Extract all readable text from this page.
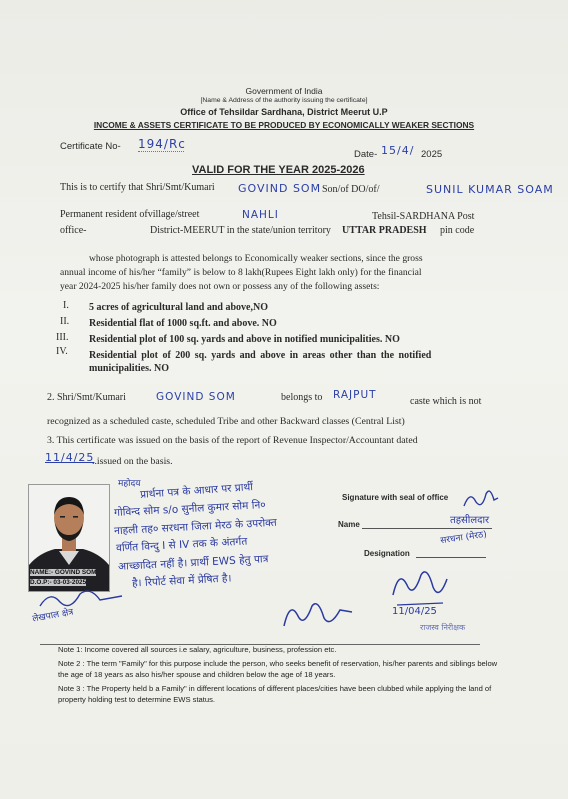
Government of India
[Name & Address of the authority issuing the certificate]
Office of Tehsildar Sardhana, District Meerut U.P
INCOME & ASSETS CERTIFICATE TO BE PRODUCED BY ECONOMICALLY WEAKER SECTIONS
Certificate No- 194/Rc
Date- 15/4/ 2025
VALID FOR THE YEAR 2025-2026
This is to certify that Shri/Smt/Kumari GOVIND SOM Son/of DO/of/	SUNIL KUMAR SOAM
Permanent resident ofvillage/street	NAHLI	Tehsil-SARDHANA Post
office-	District-MEERUT in the state/union territory UTTAR PRADESH pin code
whose photograph is attested belongs to Economically weaker sections, since the gross
annual income of his/her “family” is below to 8 lakh(Rupees Eight lakh only) for the financial
year 2024-2025 his/her family does not own or possess any of the following assets:
I. 5 acres of agricultural land and above,NO
II. Residential flat of 1000 sq.ft. and above. NO
III. Residential plot of 100 sq. yards and above in notified municipalities. NO
IV. Residential plot of 200 sq. yards and above in areas other than the notified
municipalities. NO
2. Shri/Smt/Kumari	GOVIND SOM	belongs to RAJPUT
caste which is not
recognized as a scheduled caste, scheduled Tribe and other Backward classes (Central List)
3. This certificate was issued on the basis of the report of Revenue Inspector/Accountant dated
11/4/25
..issued on the basis.
Signature with seal of office
Name
Designation
NAME:- GOVIND SOM
D.O.P:- 03-03-2025
महोदय प्रार्थना पत्र के आधार पर प्रार्थी
गोविन्द सोम s/o सुनील कुमार सोम नि०
नाहली तह० सरधना जिला मेरठ के उपरोक्त
वर्णित विन्दु I से IV तक के अंतर्गत
आच्छादित नहीं है। प्रार्थी EWS हेतु पात्र
है। रिपोर्ट सेवा में प्रेषित है।
तहसीलदार
सरधना (मेरठ)
लेखपाल क्षेत्र
राजस्व निरीक्षक
11/04/25
Note 1: Income covered all sources i.e salary, agriculture, business, profession etc.
Note 2 : The term "Family" for this purpose include the person, who seeks benefit of reservation, his/her parents and siblings below
the age of 18 years as also his/her spouse and children below the age of 18 years.
Note 3 : The Property held b a Family" in different locations of different places/cities have been clubbed while applying the land of
property holding test to determine EWS status.
